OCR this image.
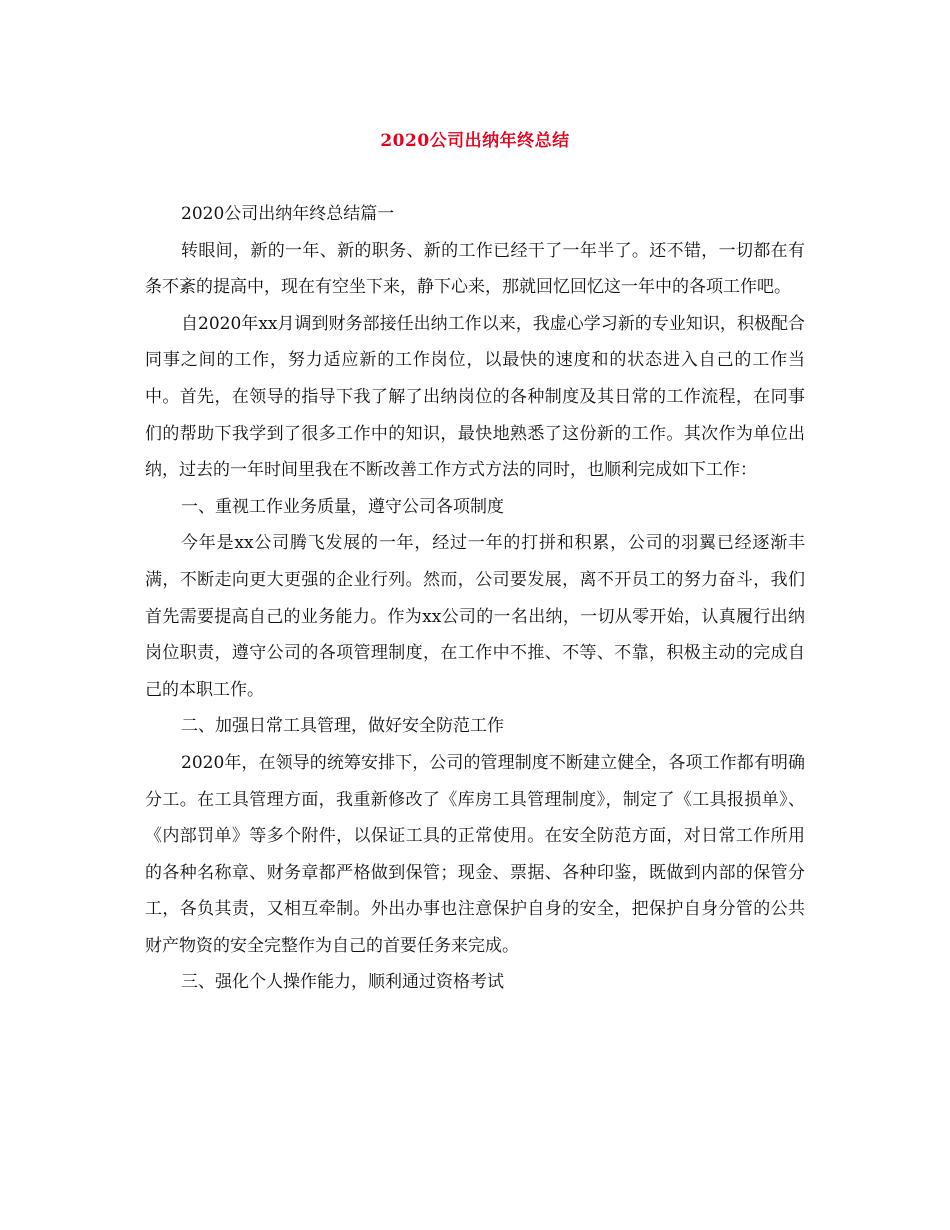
2020公司出纳年终总结

2020公司出纳年终总结篇一

转眼间，新的一年、新的职务、新的工作已经干了一年半了。还不错，一切都在有条不紊的提高中，现在有空坐下来，静下心来，那就回忆回忆这一年中的各项工作吧。

自2020年xx月调到财务部接任出纳工作以来，我虚心学习新的专业知识，积极配合同事之间的工作，努力适应新的工作岗位，以最快的速度和的状态进入自己的工作当中。首先，在领导的指导下我了解了出纳岗位的各种制度及其日常的工作流程，在同事们的帮助下我学到了很多工作中的知识，最快地熟悉了这份新的工作。其次作为单位出纳，过去的一年时间里我在不断改善工作方式方法的同时，也顺利完成如下工作：

一、重视工作业务质量，遵守公司各项制度

今年是xx公司腾飞发展的一年，经过一年的打拼和积累，公司的羽翼已经逐渐丰满，不断走向更大更强的企业行列。然而，公司要发展，离不开员工的努力奋斗，我们首先需要提高自己的业务能力。作为xx公司的一名出纳，一切从零开始，认真履行出纳岗位职责，遵守公司的各项管理制度，在工作中不推、不等、不靠，积极主动的完成自己的本职工作。

二、加强日常工具管理，做好安全防范工作

2020年，在领导的统筹安排下，公司的管理制度不断建立健全，各项工作都有明确分工。在工具管理方面，我重新修改了《库房工具管理制度》，制定了《工具报损单》、《内部罚单》等多个附件，以保证工具的正常使用。在安全防范方面，对日常工作所用的各种名称章、财务章都严格做到保管；现金、票据、各种印鉴，既做到内部的保管分工，各负其责，又相互牵制。外出办事也注意保护自身的安全，把保护自身分管的公共财产物资的安全完整作为自己的首要任务来完成。

三、强化个人操作能力，顺利通过资格考试
